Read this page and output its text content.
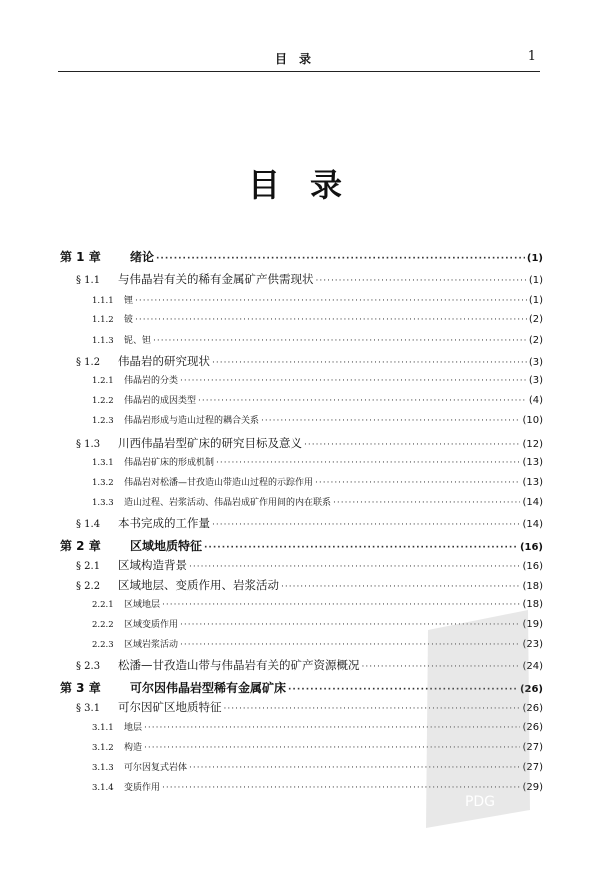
目录	1
目录
第 1 章	绪论 ·····	(1)
§ 1.1	与伟晶岩有关的稀有金属矿产供需现状 ·····	(1)
1.1.1	锂 ·····	(1)
1.1.2	铍 ·····	(2)
1.1.3	铌、钽 ·····	(2)
§ 1.2	伟晶岩的研究现状 ·····	(3)
1.2.1	伟晶岩的分类 ·····	(3)
1.2.2	伟晶岩的成因类型 ·····	(4)
1.2.3	伟晶岩形成与造山过程的耦合关系 ·····	(10)
§ 1.3	川西伟晶岩型矿床的研究目标及意义 ·····	(12)
1.3.1	伟晶岩矿床的形成机制 ·····	(13)
1.3.2	伟晶岩对松潘—甘孜造山带造山过程的示踪作用 ·····	(13)
1.3.3	造山过程、岩浆活动、伟晶岩成矿作用间的内在联系 ·····	(14)
§ 1.4	本书完成的工作量 ·····	(14)
第 2 章	区域地质特征 ·····	(16)
§ 2.1	区域构造背景 ·····	(16)
§ 2.2	区域地层、变质作用、岩浆活动 ·····	(18)
2.2.1	区域地层 ·····	(18)
2.2.2	区域变质作用 ·····	(19)
2.2.3	区域岩浆活动 ·····	(23)
§ 2.3	松潘—甘孜造山带与伟晶岩有关的矿产资源概况 ·····	(24)
第 3 章	可尔因伟晶岩型稀有金属矿床 ·····	(26)
§ 3.1	可尔因矿区地质特征 ·····	(26)
3.1.1	地层 ·····	(26)
3.1.2	构造 ·····	(27)
3.1.3	可尔因复式岩体 ·····	(27)
3.1.4	变质作用 ·····	(29)
PDG
